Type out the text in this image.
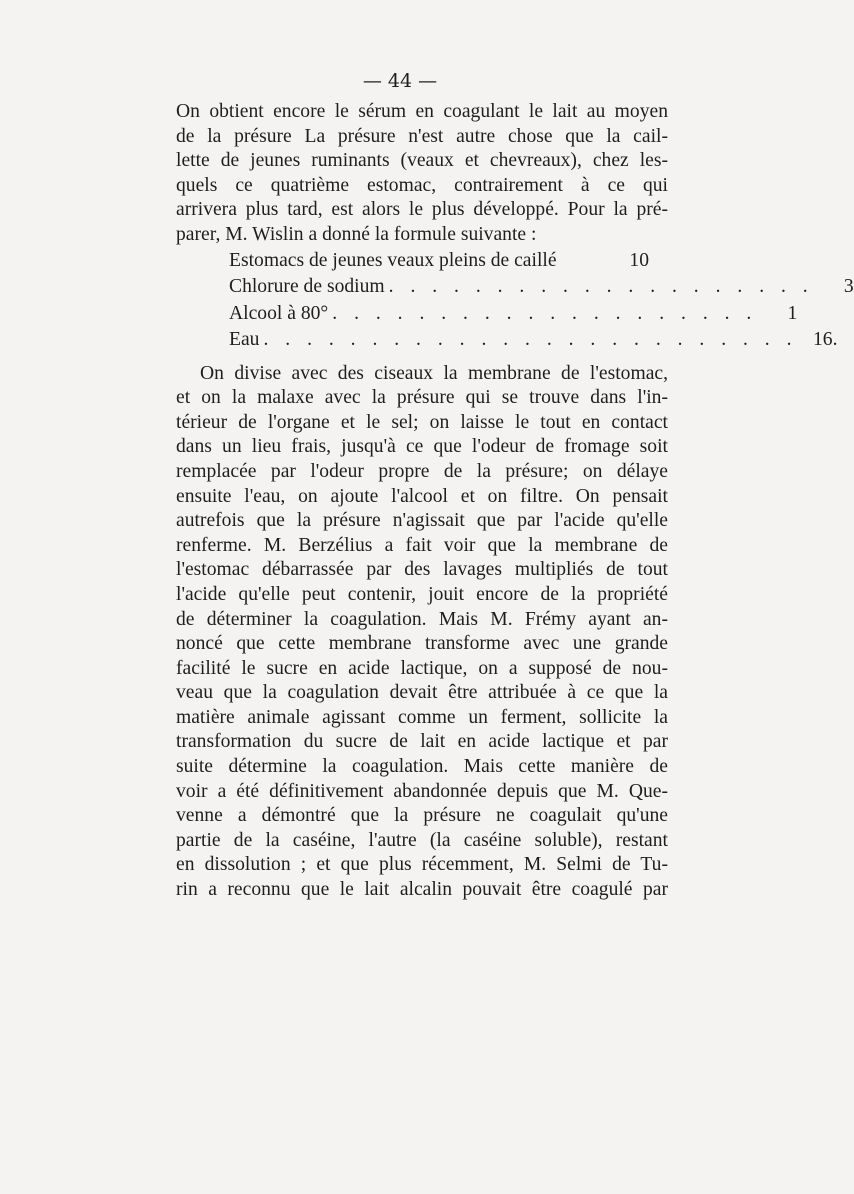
— 44 —
On obtient encore le sérum en coagulant le lait au moyen
de la présure La présure n'est autre chose que la cail-
lette de jeunes ruminants (veaux et chevreaux), chez les-
quels ce quatrième estomac, contrairement à ce qui
arrivera plus tard, est alors le plus développé. Pour la pré-
parer, M. Wislin a donné la formule suivante :
Estomacs de jeunes veaux pleins de caillé	10
Chlorure de sodium . . . . . . . . . . . . . . . . . . . .	3
Alcool à 80° . . . . . . . . . . . . . . . . . . . .	1
Eau . . . . . . . . . . . . . . . . . . . . . . . . . 16.
On divise avec des ciseaux la membrane de l'estomac,
et on la malaxe avec la présure qui se trouve dans l'in-
térieur de l'organe et le sel; on laisse le tout en contact
dans un lieu frais, jusqu'à ce que l'odeur de fromage soit
remplacée par l'odeur propre de la présure; on délaye
ensuite l'eau, on ajoute l'alcool et on filtre. On pensait
autrefois que la présure n'agissait que par l'acide qu'elle
renferme. M. Berzélius a fait voir que la membrane de
l'estomac débarrassée par des lavages multipliés de tout
l'acide qu'elle peut contenir, jouit encore de la propriété
de déterminer la coagulation. Mais M. Frémy ayant an-
noncé que cette membrane transforme avec une grande
facilité le sucre en acide lactique, on a supposé de nou-
veau que la coagulation devait être attribuée à ce que la
matière animale agissant comme un ferment, sollicite la
transformation du sucre de lait en acide lactique et par
suite détermine la coagulation. Mais cette manière de
voir a été définitivement abandonnée depuis que M. Que-
venne a démontré que la présure ne coagulait qu'une
partie de la caséine, l'autre (la caséine soluble), restant
en dissolution ; et que plus récemment, M. Selmi de Tu-
rin a reconnu que le lait alcalin pouvait être coagulé par
